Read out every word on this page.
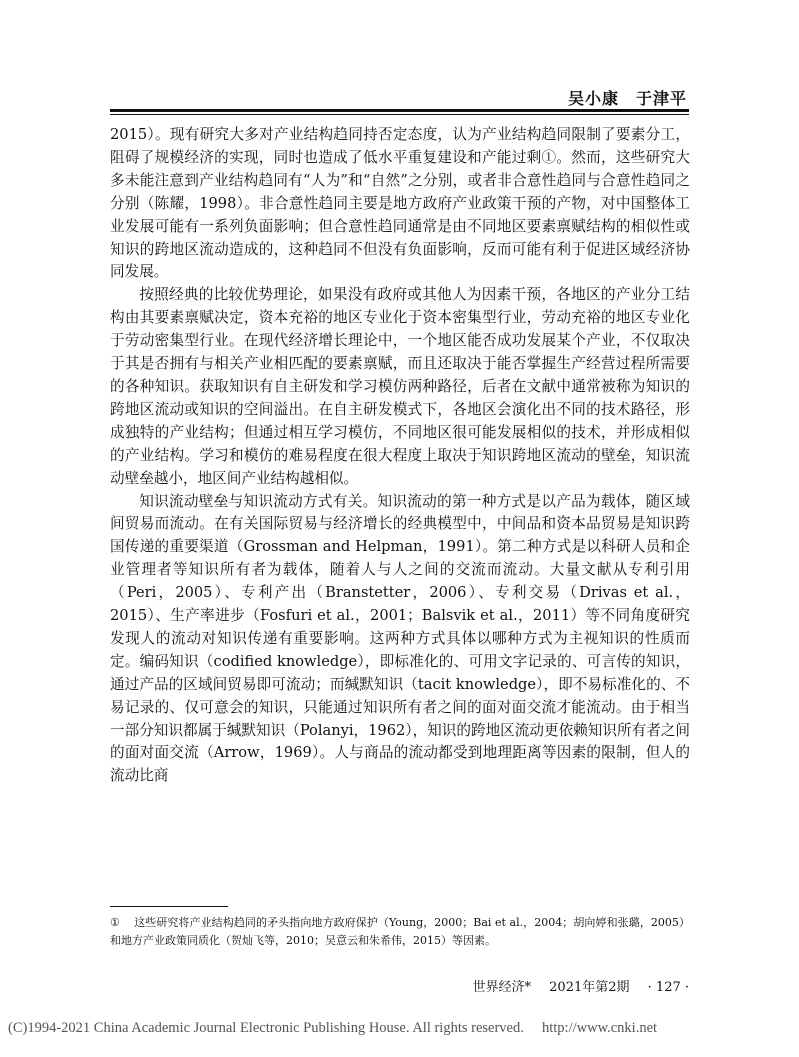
吴小康　于津平

2015）。现有研究大多对产业结构趋同持否定态度，认为产业结构趋同限制了要素分工，阻碍了规模经济的实现，同时也造成了低水平重复建设和产能过剩①。然而，这些研究大多未能注意到产业结构趋同有“人为”和“自然”之分别，或者非合意性趋同与合意性趋同之分别（陈耀，1998）。非合意性趋同主要是地方政府产业政策干预的产物，对中国整体工业发展可能有一系列负面影响；但合意性趋同通常是由不同地区要素禀赋结构的相似性或知识的跨地区流动造成的，这种趋同不但没有负面影响，反而可能有利于促进区域经济协同发展。

按照经典的比较优势理论，如果没有政府或其他人为因素干预，各地区的产业分工结构由其要素禀赋决定，资本充裕的地区专业化于资本密集型行业，劳动充裕的地区专业化于劳动密集型行业。在现代经济增长理论中，一个地区能否成功发展某个产业，不仅取决于其是否拥有与相关产业相匹配的要素禀赋，而且还取决于能否掌握生产经营过程所需要的各种知识。获取知识有自主研发和学习模仿两种路径，后者在文献中通常被称为知识的跨地区流动或知识的空间溢出。在自主研发模式下，各地区会演化出不同的技术路径，形成独特的产业结构；但通过相互学习模仿，不同地区很可能发展相似的技术，并形成相似的产业结构。学习和模仿的难易程度在很大程度上取决于知识跨地区流动的壁垒，知识流动壁垒越小，地区间产业结构越相似。

知识流动壁垒与知识流动方式有关。知识流动的第一种方式是以产品为载体，随区域间贸易而流动。在有关国际贸易与经济增长的经典模型中，中间品和资本品贸易是知识跨国传递的重要渠道（Grossman and Helpman，1991）。第二种方式是以科研人员和企业管理者等知识所有者为载体，随着人与人之间的交流而流动。大量文献从专利引用（Peri，2005）、专利产出（Branstetter，2006）、专利交易（Drivas et al.，2015）、生产率进步（Fosfuri et al.，2001；Balsvik et al.，2011）等不同角度研究发现人的流动对知识传递有重要影响。这两种方式具体以哪种方式为主视知识的性质而定。编码知识（codified knowledge），即标准化的、可用文字记录的、可言传的知识，通过产品的区域间贸易即可流动；而缄默知识（tacit knowledge），即不易标准化的、不易记录的、仅可意会的知识，只能通过知识所有者之间的面对面交流才能流动。由于相当一部分知识都属于缄默知识（Polanyi，1962），知识的跨地区流动更依赖知识所有者之间的面对面交流（Arrow，1969）。人与商品的流动都受到地理距离等因素的限制，但人的流动比商

① 这些研究将产业结构趋同的矛头指向地方政府保护（Young，2000；Bai et al.，2004；胡向婷和张璐，2005）和地方产业政策同质化（贺灿飞等，2010；吴意云和朱希伟，2015）等因素。
世界经济* 2021年第2期 · 127 ·
(C)1994-2021 China Academic Journal Electronic Publishing House. All rights reserved.　 http://www.cnki.net
